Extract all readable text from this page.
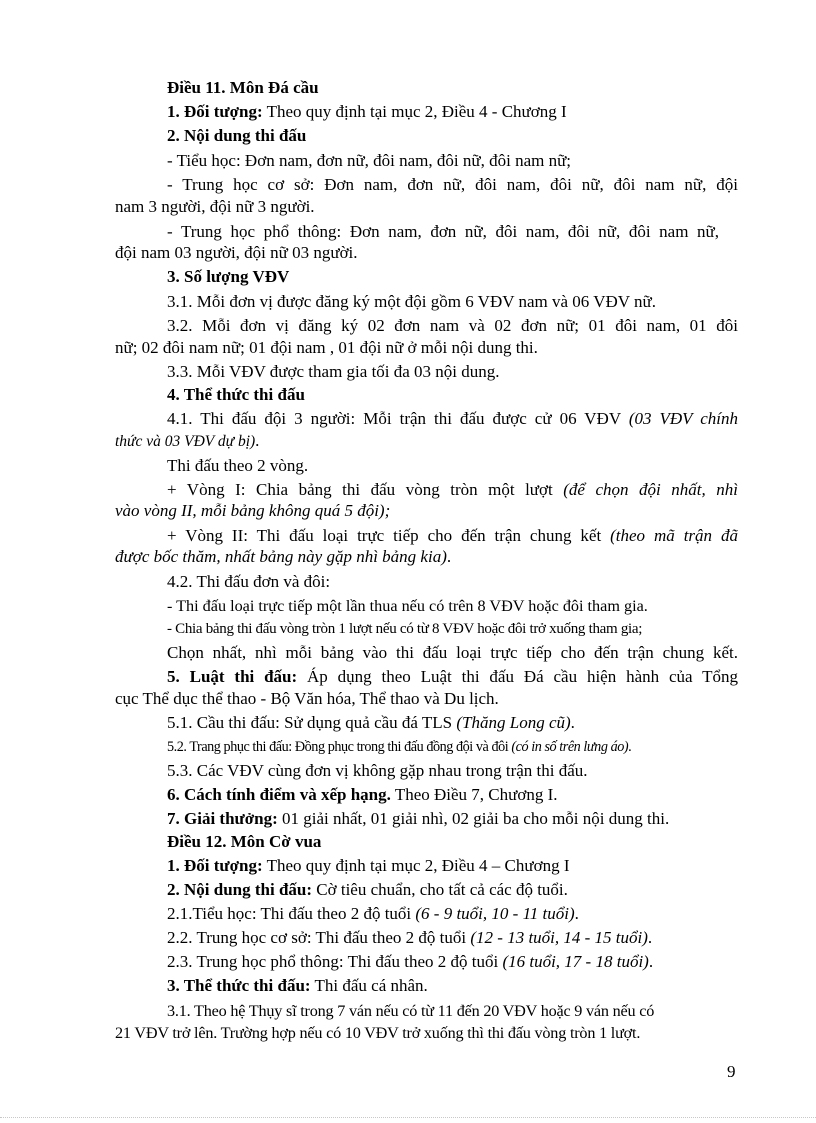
Điều 11. Môn Đá cầu
1. Đối tượng: Theo quy định tại mục 2, Điều 4 - Chương I
2. Nội dung thi đấu
- Tiểu học: Đơn nam, đơn nữ, đôi nam, đôi nữ, đôi nam nữ;
- Trung học cơ sở: Đơn nam, đơn nữ, đôi nam, đôi nữ, đôi nam nữ, đội
nam 3 người, đội nữ 3 người.
- Trung học phổ thông: Đơn nam, đơn nữ, đôi nam, đôi nữ, đôi nam nữ,
đội nam 03 người, đội nữ 03 người.
3. Số lượng VĐV
3.1. Mỗi đơn vị được đăng ký một đội gồm 6 VĐV nam và 06 VĐV nữ.
3.2. Mỗi đơn vị đăng ký 02 đơn nam và 02 đơn nữ; 01 đôi nam, 01 đôi
nữ; 02 đôi nam nữ; 01 đội nam , 01 đội nữ ở mỗi nội dung thi.
3.3. Mỗi VĐV được tham gia tối đa 03 nội dung.
4. Thể thức thi đấu
4.1. Thi đấu đội 3 người: Mỗi trận thi đấu được cử 06 VĐV (03 VĐV chính
thức và 03 VĐV dự bị).
Thi đấu theo 2 vòng.
+ Vòng I: Chia bảng thi đấu vòng tròn một lượt (để chọn đội nhất, nhì
vào vòng II, mỗi bảng không quá 5 đội);
+ Vòng II: Thi đấu loại trực tiếp cho đến trận chung kết (theo mã trận đã
được bốc thăm, nhất bảng này gặp nhì bảng kia).
4.2. Thi đấu đơn và đôi:
- Thi đấu loại trực tiếp một lần thua nếu có trên 8 VĐV hoặc đôi tham gia.
- Chia bảng thi đấu vòng tròn 1 lượt nếu có từ 8 VĐV hoặc đôi trở xuống tham gia;
Chọn nhất, nhì mỗi bảng vào thi đấu loại trực tiếp cho đến trận chung kết.
5. Luật thi đấu: Áp dụng theo Luật thi đấu Đá cầu hiện hành của Tổng
cục Thể dục thể thao - Bộ Văn hóa, Thể thao và Du lịch.
5.1. Cầu thi đấu: Sử dụng quả cầu đá TLS (Thăng Long cũ).
5.2. Trang phục thi đấu: Đồng phục trong thi đấu đồng đội và đôi (có in số trên lưng áo).
5.3. Các VĐV cùng đơn vị không gặp nhau trong trận thi đấu.
6. Cách tính điểm và xếp hạng. Theo Điều 7, Chương I.
7. Giải thưởng: 01 giải nhất, 01 giải nhì, 02 giải ba cho mỗi nội dung thi.
Điều 12. Môn Cờ vua
1. Đối tượng: Theo quy định tại mục 2, Điều 4 – Chương I
2. Nội dung thi đấu: Cờ tiêu chuẩn, cho tất cả các độ tuổi.
2.1.Tiểu học: Thi đấu theo 2 độ tuổi (6 - 9 tuổi, 10 - 11 tuổi).
2.2. Trung học cơ sở: Thi đấu theo 2 độ tuổi (12 - 13 tuổi, 14 - 15 tuổi).
2.3. Trung học phổ thông: Thi đấu theo 2 độ tuổi (16 tuổi, 17 - 18 tuổi).
3. Thể thức thi đấu: Thi đấu cá nhân.
3.1. Theo hệ Thụy sĩ trong 7 ván nếu có từ 11 đến 20 VĐV hoặc 9 ván nếu có
21 VĐV trở lên. Trường hợp nếu có 10 VĐV trở xuống thì thi đấu vòng tròn 1 lượt.
9
